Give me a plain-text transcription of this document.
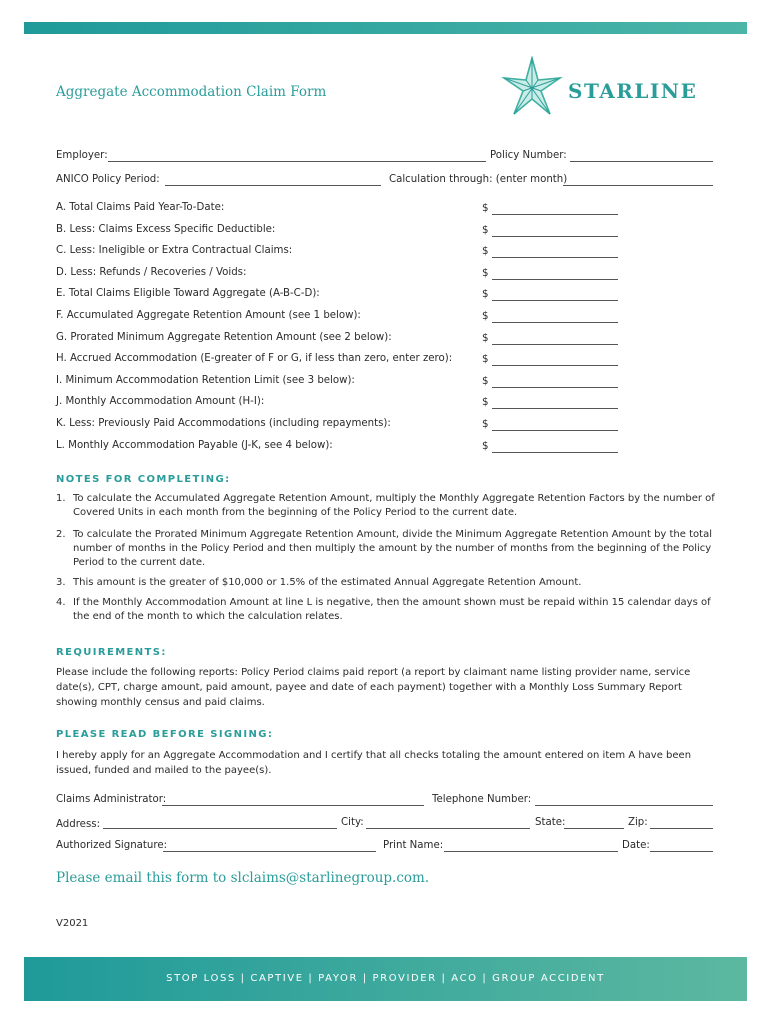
Aggregate Accommodation Claim Form	STARLINE
Employer:	Policy Number:
ANICO Policy Period:	Calculation through: (enter month)
A. Total Claims Paid Year-To-Date:	$
B. Less: Claims Excess Specific Deductible:	$
C. Less: Ineligible or Extra Contractual Claims:	$
D. Less: Refunds / Recoveries / Voids:	$
E. Total Claims Eligible Toward Aggregate (A-B-C-D):	$
F. Accumulated Aggregate Retention Amount (see 1 below):	$
G. Prorated Minimum Aggregate Retention Amount (see 2 below):	$
H. Accrued Accommodation (E-greater of F or G, if less than zero, enter zero):	$
I. Minimum Accommodation Retention Limit (see 3 below):	$
J. Monthly Accommodation Amount (H-I):	$
K. Less: Previously Paid Accommodations (including repayments):	$
L. Monthly Accommodation Payable (J-K, see 4 below):	$
NOTES FOR COMPLETING:
1. To calculate the Accumulated Aggregate Retention Amount, multiply the Monthly Aggregate Retention Factors by the number of Covered Units in each month from the beginning of the Policy Period to the current date.
2. To calculate the Prorated Minimum Aggregate Retention Amount, divide the Minimum Aggregate Retention Amount by the total number of months in the Policy Period and then multiply the amount by the number of months from the beginning of the Policy Period to the current date.
3. This amount is the greater of $10,000 or 1.5% of the estimated Annual Aggregate Retention Amount.
4. If the Monthly Accommodation Amount at line L is negative, then the amount shown must be repaid within 15 calendar days of the end of the month to which the calculation relates.
REQUIREMENTS:
Please include the following reports: Policy Period claims paid report (a report by claimant name listing provider name, service date(s), CPT, charge amount, paid amount, payee and date of each payment) together with a Monthly Loss Summary Report showing monthly census and paid claims.
PLEASE READ BEFORE SIGNING:
I hereby apply for an Aggregate Accommodation and I certify that all checks totaling the amount entered on item A have been issued, funded and mailed to the payee(s).
Claims Administrator:	Telephone Number:
Address:	City:	State:	Zip:
Authorized Signature:	Print Name:	Date:
Please email this form to slclaims@starlinegroup.com.
V2021
STOP LOSS | CAPTIVE | PAYOR | PROVIDER | ACO | GROUP ACCIDENT
